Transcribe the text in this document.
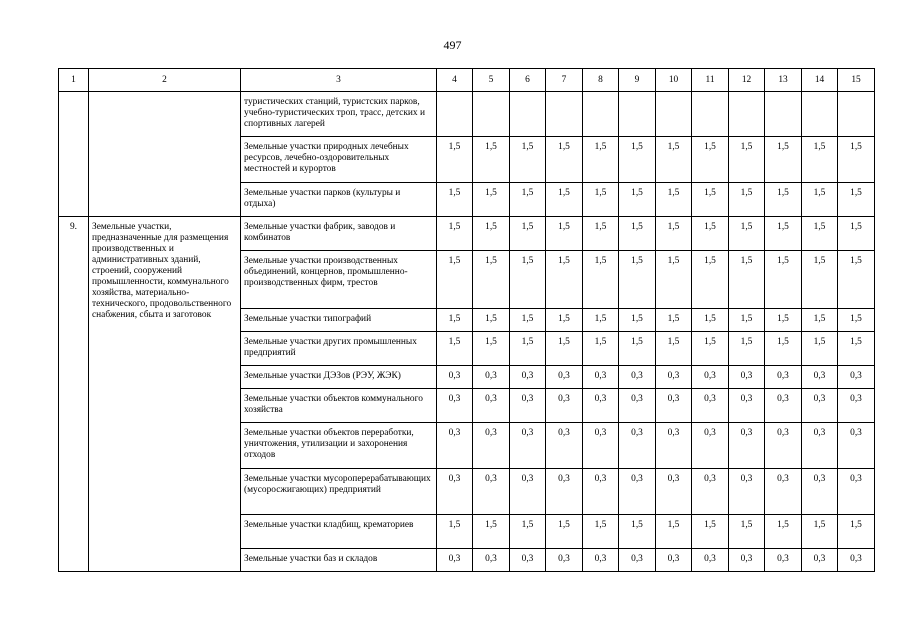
497
1	2	3	4	5	6	7	8	9	10	11	12	13	14	15
		туристических станций, туристских парков, учебно-туристических троп, трасс, детских и спортивных лагерей												
		Земельные участки природных лечебных ресурсов, лечебно-оздоровительных местностей и курортов	1,5	1,5	1,5	1,5	1,5	1,5	1,5	1,5	1,5	1,5	1,5	1,5
		Земельные участки парков (культуры и отдыха)	1,5	1,5	1,5	1,5	1,5	1,5	1,5	1,5	1,5	1,5	1,5	1,5
9.	Земельные участки, предназначенные для размещения производственных и административных зданий, строений, сооружений промышленности, коммунального хозяйства, материально-технического, продовольственного снабжения, сбыта и заготовок	Земельные участки фабрик, заводов и комбинатов	1,5	1,5	1,5	1,5	1,5	1,5	1,5	1,5	1,5	1,5	1,5	1,5
		Земельные участки производственных объединений, концернов, промышленно-производственных фирм, трестов	1,5	1,5	1,5	1,5	1,5	1,5	1,5	1,5	1,5	1,5	1,5	1,5
		Земельные участки типографий	1,5	1,5	1,5	1,5	1,5	1,5	1,5	1,5	1,5	1,5	1,5	1,5
		Земельные участки других промышленных предприятий	1,5	1,5	1,5	1,5	1,5	1,5	1,5	1,5	1,5	1,5	1,5	1,5
		Земельные участки ДЭЗов (РЭУ, ЖЭК)	0,3	0,3	0,3	0,3	0,3	0,3	0,3	0,3	0,3	0,3	0,3	0,3
		Земельные участки объектов коммунального хозяйства	0,3	0,3	0,3	0,3	0,3	0,3	0,3	0,3	0,3	0,3	0,3	0,3
		Земельные участки объектов переработки, уничтожения, утилизации и захоронения отходов	0,3	0,3	0,3	0,3	0,3	0,3	0,3	0,3	0,3	0,3	0,3	0,3
		Земельные участки мусороперерабатывающих (мусоросжигающих) предприятий	0,3	0,3	0,3	0,3	0,3	0,3	0,3	0,3	0,3	0,3	0,3	0,3
		Земельные участки кладбищ, крематориев	1,5	1,5	1,5	1,5	1,5	1,5	1,5	1,5	1,5	1,5	1,5	1,5
		Земельные участки баз и складов	0,3	0,3	0,3	0,3	0,3	0,3	0,3	0,3	0,3	0,3	0,3	0,3
